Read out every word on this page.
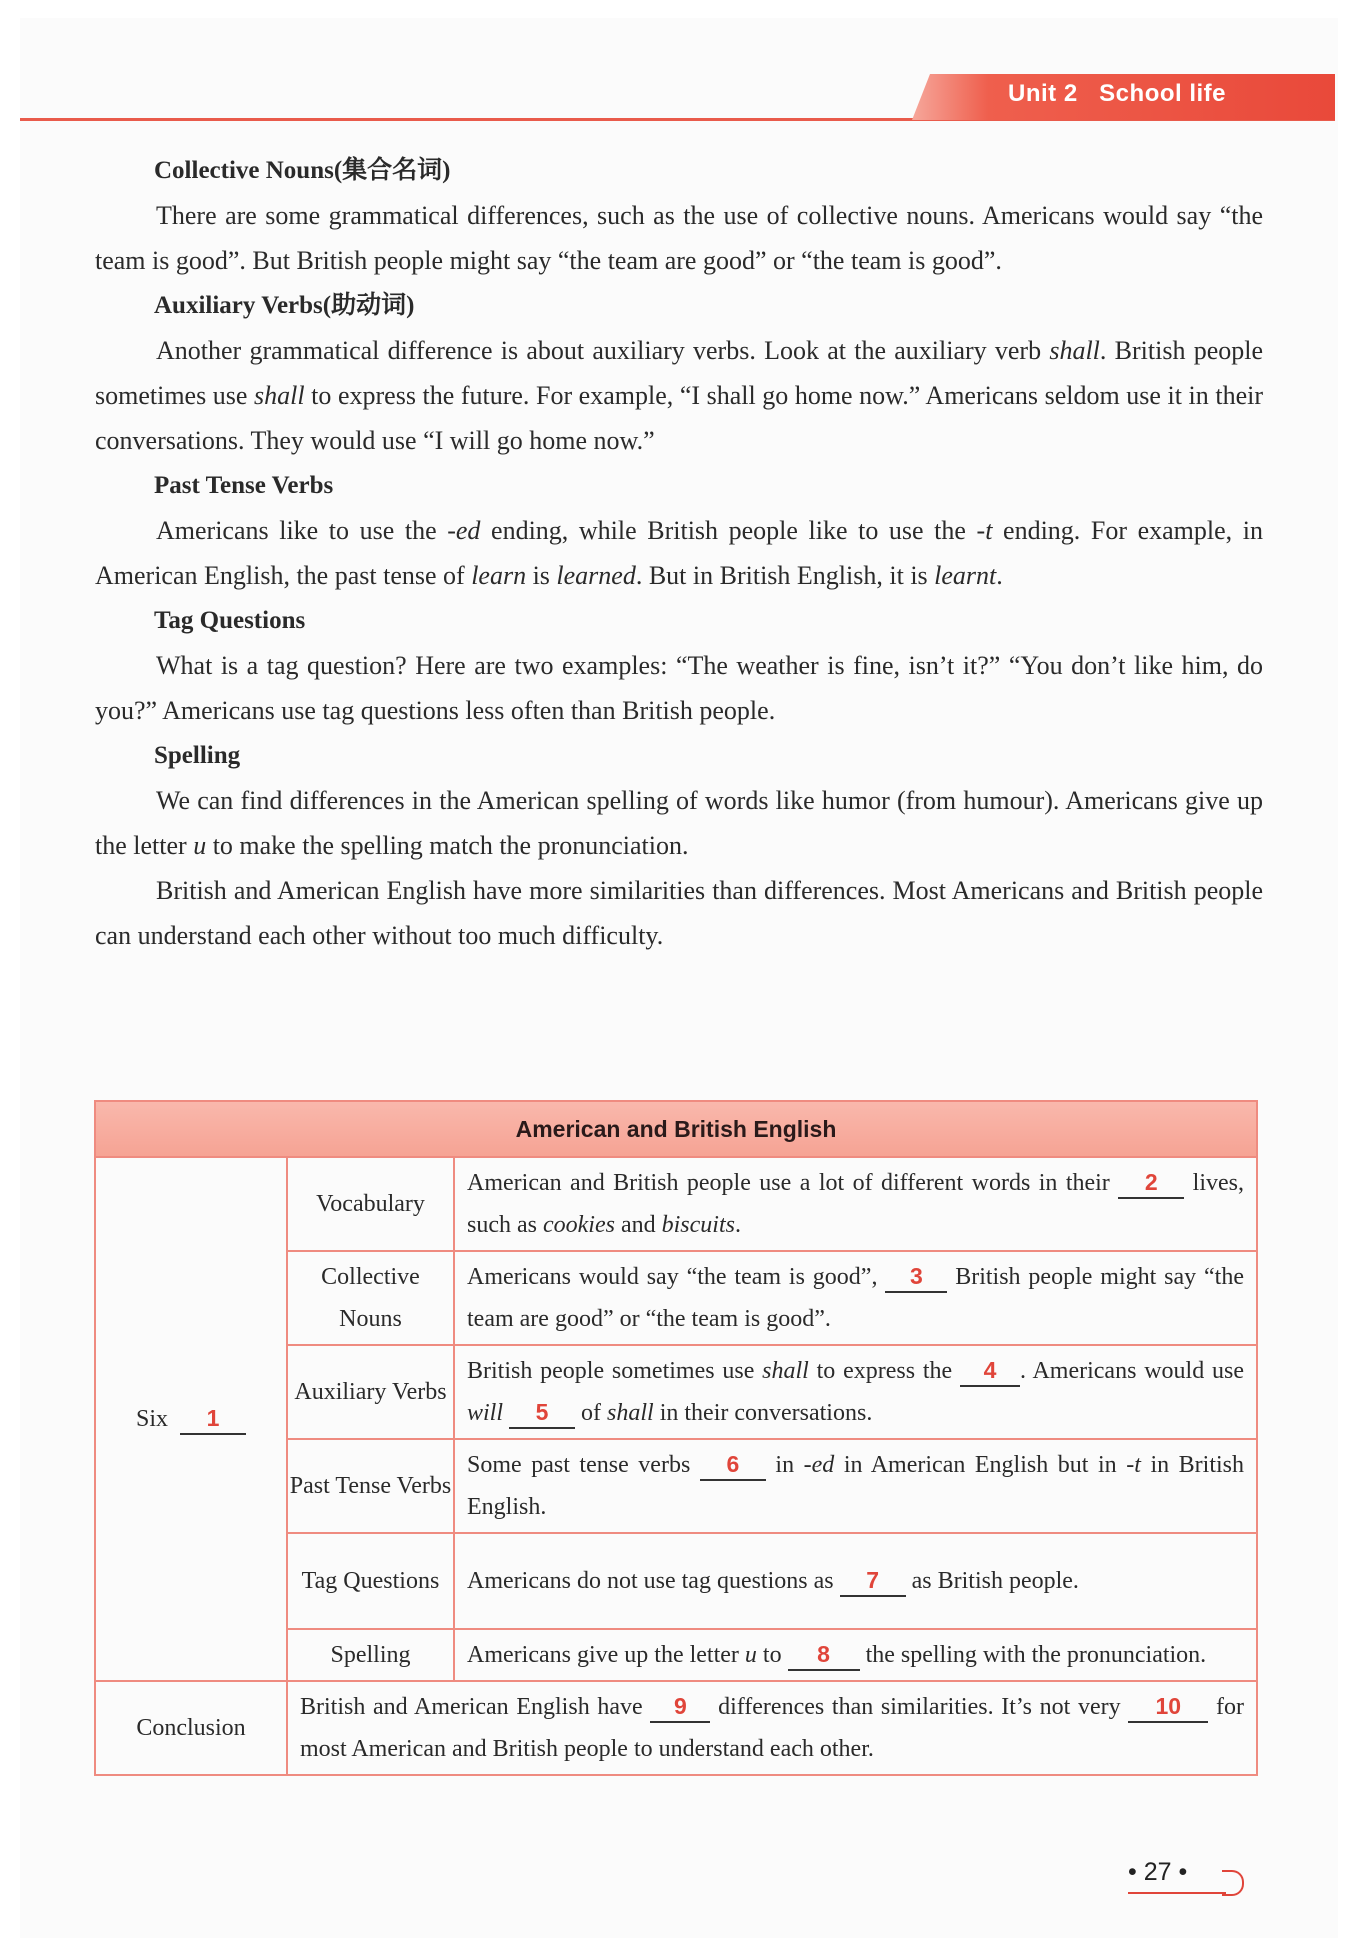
Unit 2   School life

Collective Nouns(集合名词)

There are some grammatical differences, such as the use of collective nouns. Americans would say “the team is good”. But British people might say “the team are good” or “the team is good”.

Auxiliary Verbs(助动词)

Another grammatical difference is about auxiliary verbs. Look at the auxiliary verb shall. British people sometimes use shall to express the future. For example, “I shall go home now.” Americans seldom use it in their conversations. They would use “I will go home now.”

Past Tense Verbs

Americans like to use the -ed ending, while British people like to use the -t ending. For example, in American English, the past tense of learn is learned. But in British English, it is learnt.

Tag Questions

What is a tag question? Here are two examples: “The weather is fine, isn’t it?” “You don’t like him, do you?” Americans use tag questions less often than British people.

Spelling

We can find differences in the American spelling of words like humor (from humour). Americans give up the letter u to make the spelling match the pronunciation.

British and American English have more similarities than differences. Most Americans and British people can understand each other without too much difficulty.

American and British English		
Six 1	Vocabulary	American and British people use a lot of different words in their 2 lives, such as cookies and biscuits.
	Collective Nouns	Americans would say “the team is good”, 3 British people might say “the team are good” or “the team is good”.
	Auxiliary Verbs	British people sometimes use shall to express the 4 . Americans would use will 5 of shall in their conversations.
	Past Tense Verbs	Some past tense verbs 6 in -ed in American English but in -t in British English.
	Tag Questions	Americans do not use tag questions as 7 as British people.
	Spelling	Americans give up the letter u to 8 the spelling with the pronunciation.
Conclusion	British and American English have 9 differences than similarities. It’s not very 10 for most American and British people to understand each other.	
• 27 •
